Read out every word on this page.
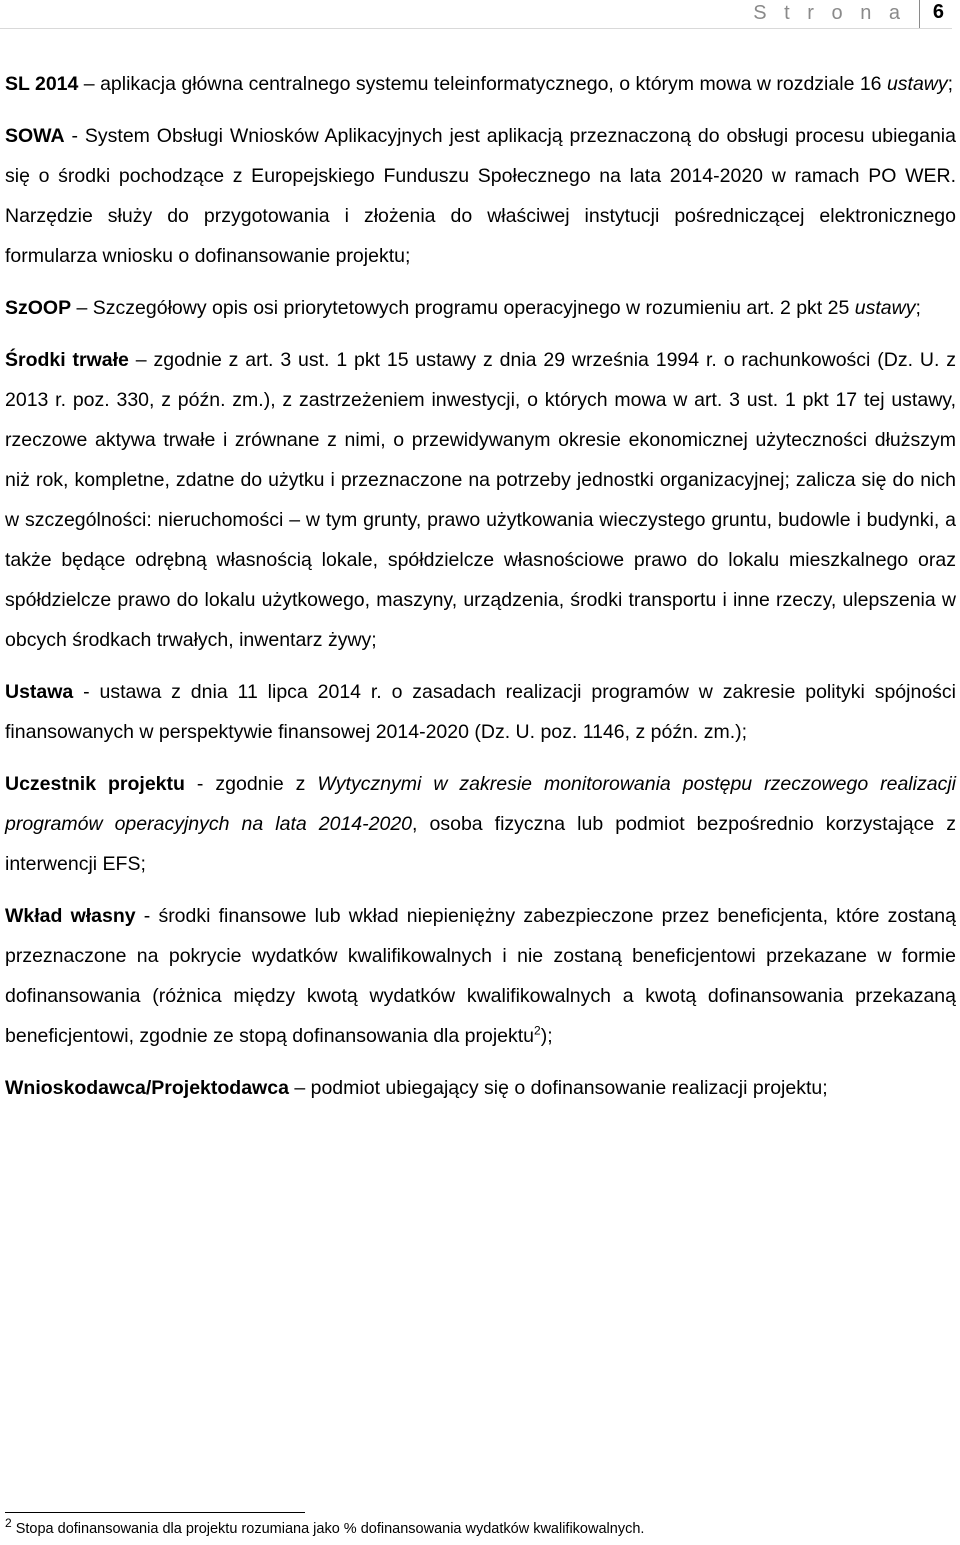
S t r o n a 6

SL 2014 – aplikacja główna centralnego systemu teleinformatycznego, o którym mowa w rozdziale 16 ustawy;

SOWA - System Obsługi Wniosków Aplikacyjnych jest aplikacją przeznaczoną do obsługi procesu ubiegania się o środki pochodzące z Europejskiego Funduszu Społecznego na lata 2014-2020 w ramach PO WER. Narzędzie służy do przygotowania i złożenia do właściwej instytucji pośredniczącej elektronicznego formularza wniosku o dofinansowanie projektu;

SzOOP – Szczegółowy opis osi priorytetowych programu operacyjnego w rozumieniu art. 2 pkt 25 ustawy;

Środki trwałe – zgodnie z art. 3 ust. 1 pkt 15 ustawy z dnia 29 września 1994 r. o rachunkowości (Dz. U. z 2013 r. poz. 330, z późn. zm.), z zastrzeżeniem inwestycji, o których mowa w art. 3 ust. 1 pkt 17 tej ustawy, rzeczowe aktywa trwałe i zrównane z nimi, o przewidywanym okresie ekonomicznej użyteczności dłuższym niż rok, kompletne, zdatne do użytku i przeznaczone na potrzeby jednostki organizacyjnej; zalicza się do nich w szczególności: nieruchomości – w tym grunty, prawo użytkowania wieczystego gruntu, budowle i budynki, a także będące odrębną własnością lokale, spółdzielcze własnościowe prawo do lokalu mieszkalnego oraz spółdzielcze prawo do lokalu użytkowego, maszyny, urządzenia, środki transportu i inne rzeczy, ulepszenia w obcych środkach trwałych, inwentarz żywy;

Ustawa - ustawa z dnia 11 lipca 2014 r. o zasadach realizacji programów w zakresie polityki spójności finansowanych w perspektywie finansowej 2014-2020 (Dz. U. poz. 1146, z późn. zm.);

Uczestnik projektu - zgodnie z Wytycznymi w zakresie monitorowania postępu rzeczowego realizacji programów operacyjnych na lata 2014-2020, osoba fizyczna lub podmiot bezpośrednio korzystające z interwencji EFS;

Wkład własny - środki finansowe lub wkład niepieniężny zabezpieczone przez beneficjenta, które zostaną przeznaczone na pokrycie wydatków kwalifikowalnych i nie zostaną beneficjentowi przekazane w formie dofinansowania (różnica między kwotą wydatków kwalifikowalnych a kwotą dofinansowania przekazaną beneficjentowi, zgodnie ze stopą dofinansowania dla projektu$^2$);

Wnioskodawca/Projektodawca – podmiot ubiegający się o dofinansowanie realizacji projektu;

$^2$ Stopa dofinansowania dla projektu rozumiana jako % dofinansowania wydatków kwalifikowalnych.
